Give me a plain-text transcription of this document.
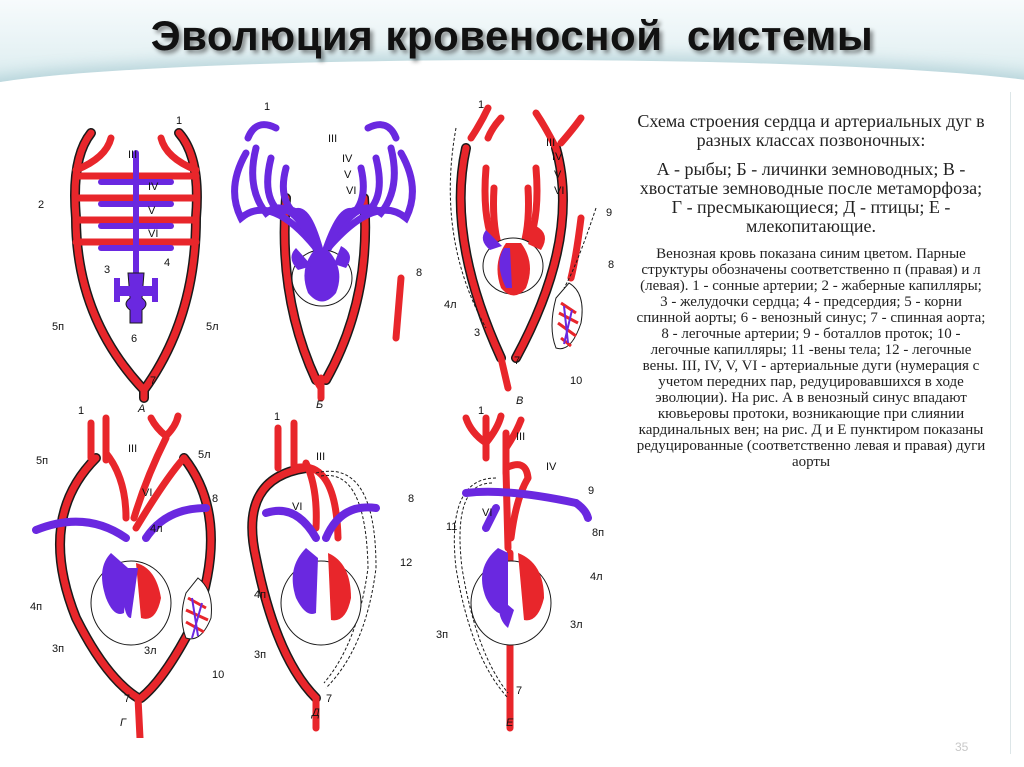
Эволюция кровеносной  системы
1
III
IV
2	V
VI
3
4
5п	5л
6
7
А
1
III
IV
V
VI
8
Б
1
III
IV
V
VI
9
8
4л
3
7
10
В
1
III
5п	5л
VI	8
4л
4п
3п	3л
10
7
Г
1
III
VI
8
12
4п
3п
7
Д
1
III
IV
9
8п
11
VI
4л
3п
3л
7
Е

Схема строения сердца и артериальных дуг в разных классах позвоночных:

А - рыбы; Б - личинки земноводных; В - хвостатые земноводные после метаморфоза; Г - пресмыкающиеся; Д - птицы; Е - млекопитающие.

Венозная кровь показана синим цветом. Парные структуры обозначены соответственно п (правая) и л (левая). 1 - сонные артерии; 2 - жаберные капилляры; 3 - желудочки сердца; 4 - предсердия; 5 - корни спинной аорты; 6 - венозный синус; 7 - спинная аорта; 8 - легочные артерии; 9 - боталлов проток; 10 - легочные капилляры; 11 -вены тела; 12 - легочные вены. III, IV, V, VI - артериальные дуги (нумерация с учетом передних пар, редуцировавшихся в ходе эволюции). На рис. А в венозный синус впадают кювьеровы протоки, возникающие при слиянии кардинальных вен; на рис. Д и Е пунктиром показаны редуцированные (соответственно левая и правая) дуги аорты

35
